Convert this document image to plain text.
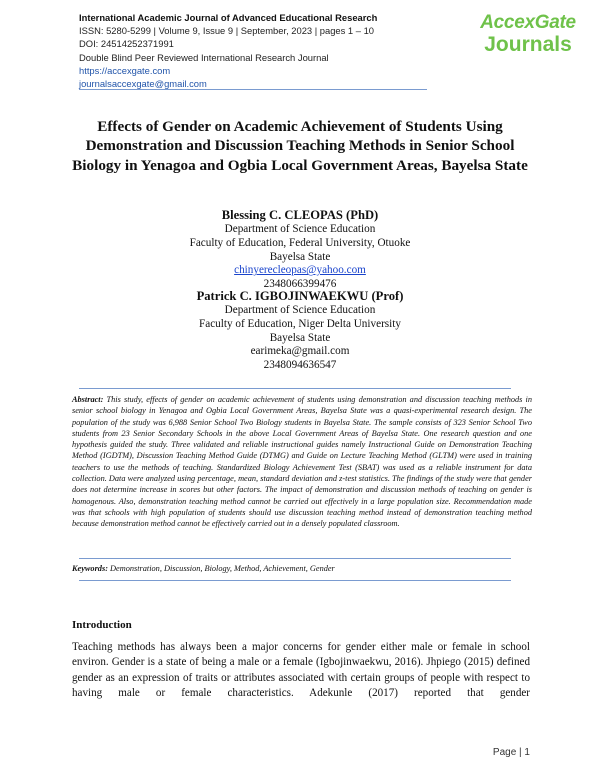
International Academic Journal of Advanced Educational Research
ISSN: 5280-5299 | Volume 9, Issue 9 | September, 2023 | pages 1 – 10
DOI: 24514252371991
Double Blind Peer Reviewed International Research Journal
https://accexgate.com
journalsaccexgate@gmail.com
AccexGate
Journals
Effects of Gender on Academic Achievement of Students Using Demonstration and Discussion Teaching Methods in Senior School Biology in Yenagoa and Ogbia Local Government Areas, Bayelsa State
Blessing C. CLEOPAS (PhD)
Department of Science Education
Faculty of Education, Federal University, Otuoke
Bayelsa State
chinyerecleopas@yahoo.com
2348066399476
Patrick C. IGBOJINWAEKWU (Prof)
Department of Science Education
Faculty of Education, Niger Delta University
Bayelsa State
earimeka@gmail.com
2348094636547
Abstract: This study, effects of gender on academic achievement of students using demonstration and discussion teaching methods in senior school biology in Yenagoa and Ogbia Local Government Areas, Bayelsa State was a quasi-experimental research design. The population of the study was 6,988 Senior School Two Biology students in Bayelsa State. The sample consists of 323 Senior School Two students from 23 Senior Secondary Schools in the above Local Government Areas of Bayelsa State. One research question and one hypothesis guided the study. Three validated and reliable instructional guides namely Instructional Guide on Demonstration Teaching Method (IGDTM), Discussion Teaching Method Guide (DTMG) and Guide on Lecture Teaching Method (GLTM) were used in training teachers to use the methods of teaching. Standardized Biology Achievement Test (SBAT) was used as a reliable instrument for data collection. Data were analyzed using percentage, mean, standard deviation and z-test statistics. The findings of the study were that gender does not determine increase in scores but other factors. The impact of demonstration and discussion methods of teaching on gender is homogenous. Also, demonstration teaching method cannot be carried out effectively in a large population size. Recommendation made was that schools with high population of students should use discussion teaching method instead of demonstration teaching method because demonstration method cannot be effectively carried out in a densely populated classroom.
Keywords: Demonstration, Discussion, Biology, Method, Achievement, Gender
Introduction
Teaching methods has always been a major concerns for gender either male or female in school environ. Gender is a state of being a male or a female (Igbojinwaekwu, 2016). Jhpiego (2015) defined gender as an expression of traits or attributes associated with certain groups of people with respect to having male or female characteristics. Adekunle (2017) reported that gender
Page | 1
